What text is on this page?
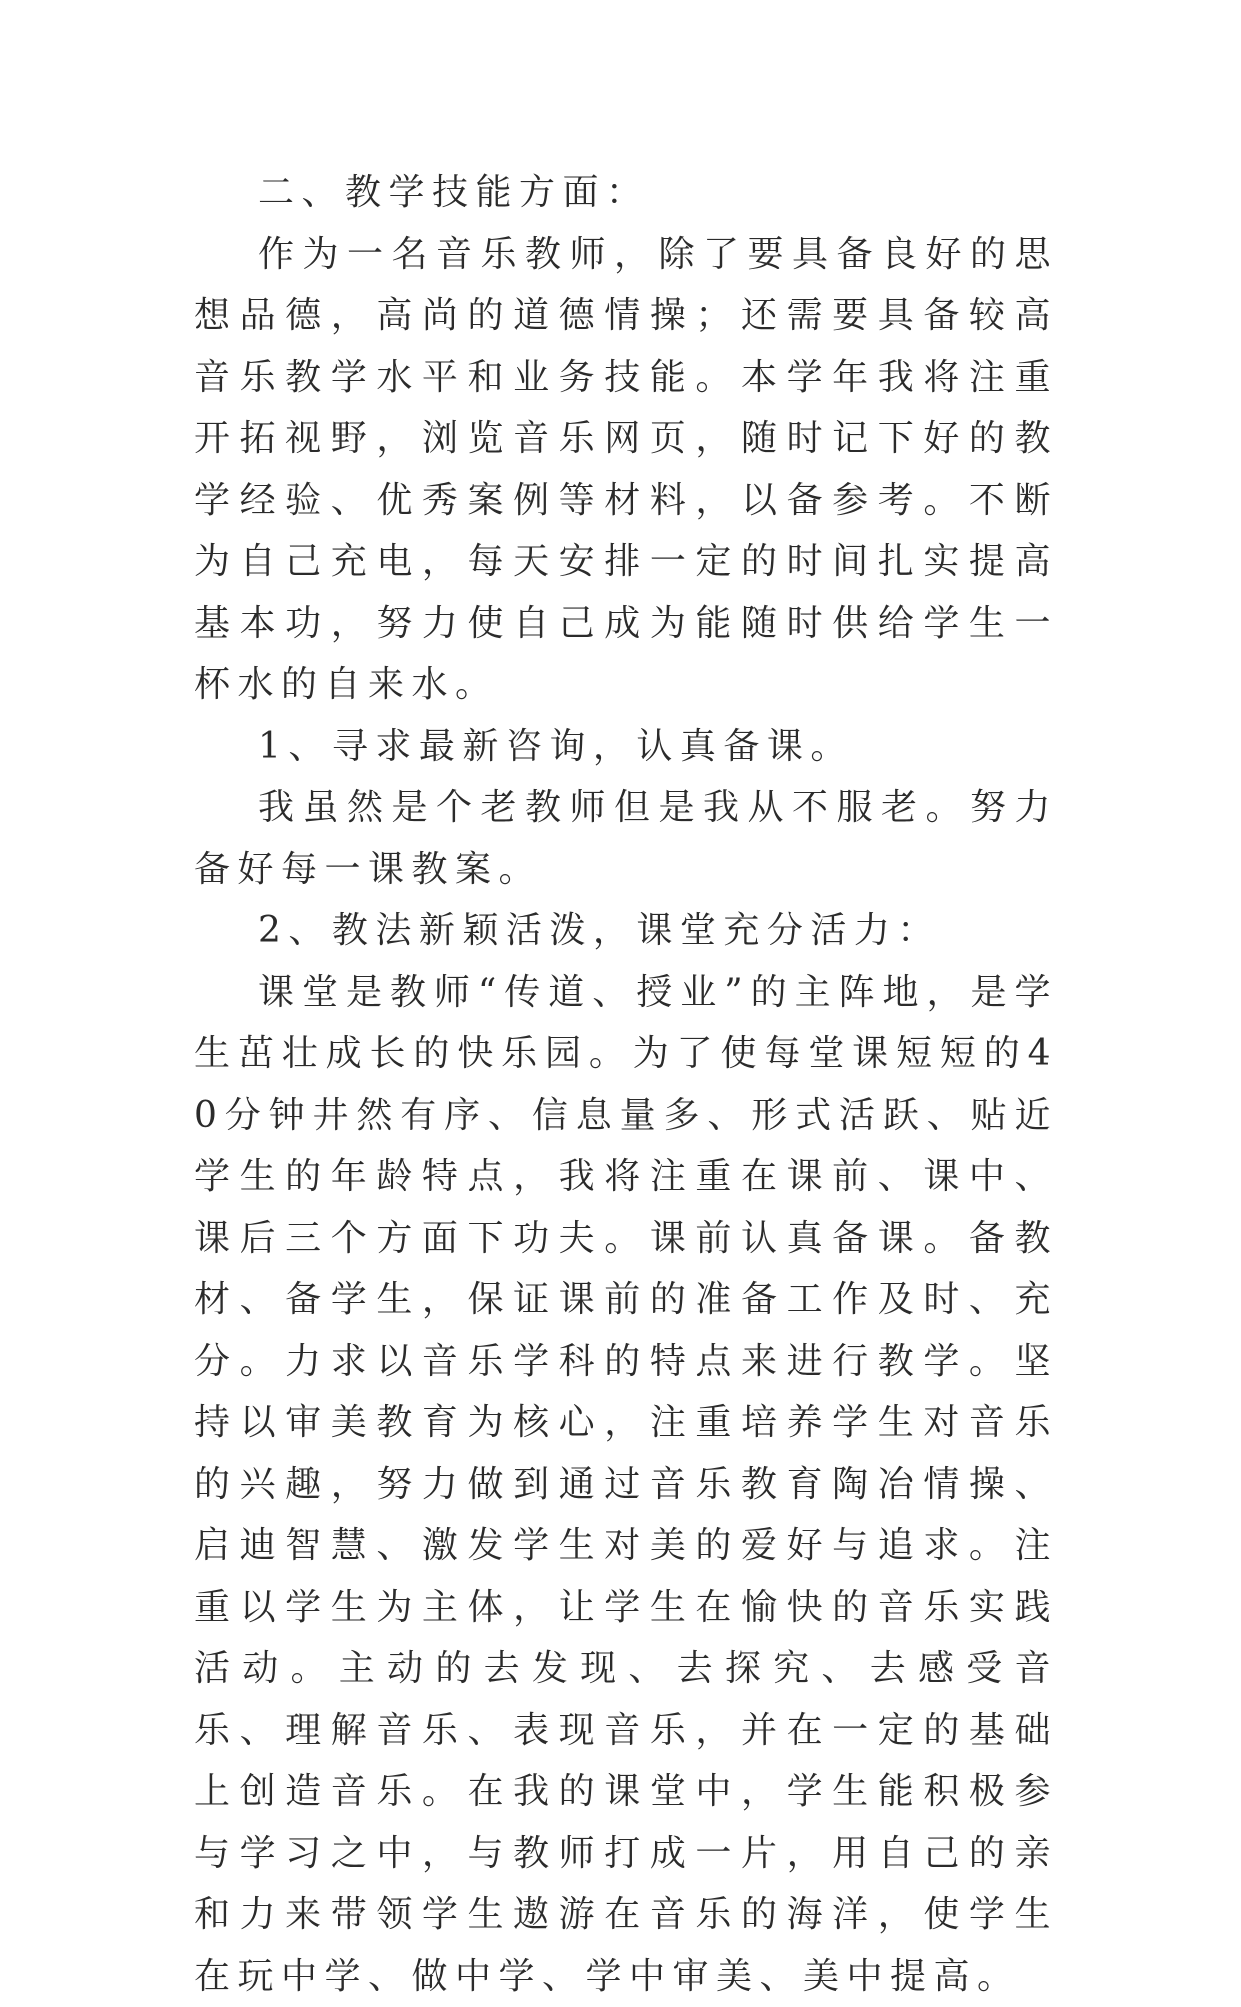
二、教学技能方面：

作为一名音乐教师，除了要具备良好的思想品德，高尚的道德情操；还需要具备较高音乐教学水平和业务技能。本学年我将注重开拓视野，浏览音乐网页，随时记下好的教学经验、优秀案例等材料，以备参考。不断为自己充电，每天安排一定的时间扎实提高基本功，努力使自己成为能随时供给学生一杯水的自来水。

1、寻求最新咨询，认真备课。

我虽然是个老教师但是我从不服老。努力备好每一课教案。

2、教法新颖活泼，课堂充分活力：

课堂是教师“传道、授业”的主阵地，是学生茁壮成长的快乐园。为了使每堂课短短的40分钟井然有序、信息量多、形式活跃、贴近学生的年龄特点，我将注重在课前、课中、课后三个方面下功夫。课前认真备课。备教材、备学生，保证课前的准备工作及时、充分。力求以音乐学科的特点来进行教学。坚持以审美教育为核心，注重培养学生对音乐的兴趣，努力做到通过音乐教育陶冶情操、启迪智慧、激发学生对美的爱好与追求。注重以学生为主体，让学生在愉快的音乐实践活动。主动的去发现、去探究、去感受音乐、理解音乐、表现音乐，并在一定的基础上创造音乐。在我的课堂中，学生能积极参与学习之中，与教师打成一片，用自己的亲和力来带领学生遨游在音乐的海洋，使学生在玩中学、做中学、学中审美、美中提高。
